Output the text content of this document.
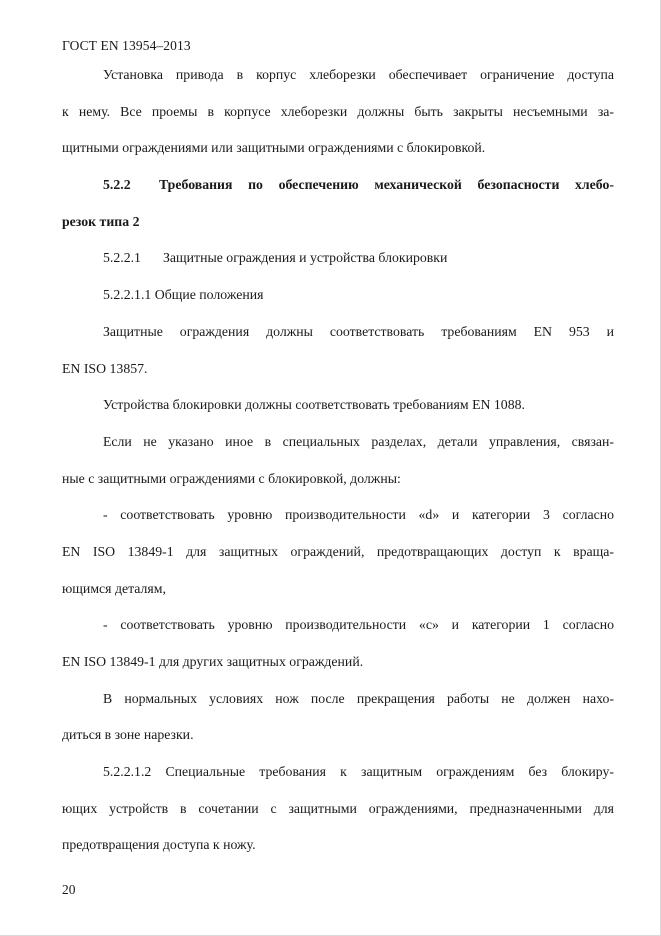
ГОСТ EN 13954–2013
Установка привода в корпус хлеборезки обеспечивает ограничение доступа
к нему. Все проемы в корпусе хлеборезки должны быть закрыты несъемными за-
щитными ограждениями или защитными ограждениями с блокировкой.
5.2.2	Требования по обеспечению механической безопасности хлебо-
резок типа 2
5.2.2.1 Защитные ограждения и устройства блокировки
5.2.2.1.1 Общие положения
Защитные ограждения должны соответствовать требованиям EN 953 и
EN ISO 13857.
Устройства блокировки должны соответствовать требованиям EN 1088.
Если не указано иное в специальных разделах, детали управления, связан-
ные с защитными ограждениями с блокировкой, должны:
- соответствовать уровню производительности «d» и категории 3 согласно
EN ISO 13849-1 для защитных ограждений, предотвращающих доступ к враща-
ющимся деталям,
- соответствовать уровню производительности «c» и категории 1 согласно
EN ISO 13849-1 для других защитных ограждений.
В нормальных условиях нож после прекращения работы не должен нахо-
диться в зоне нарезки.
5.2.2.1.2 Специальные требования к защитным ограждениям без блокиру-
ющих устройств в сочетании с защитными ограждениями, предназначенными для
предотвращения доступа к ножу.
20
